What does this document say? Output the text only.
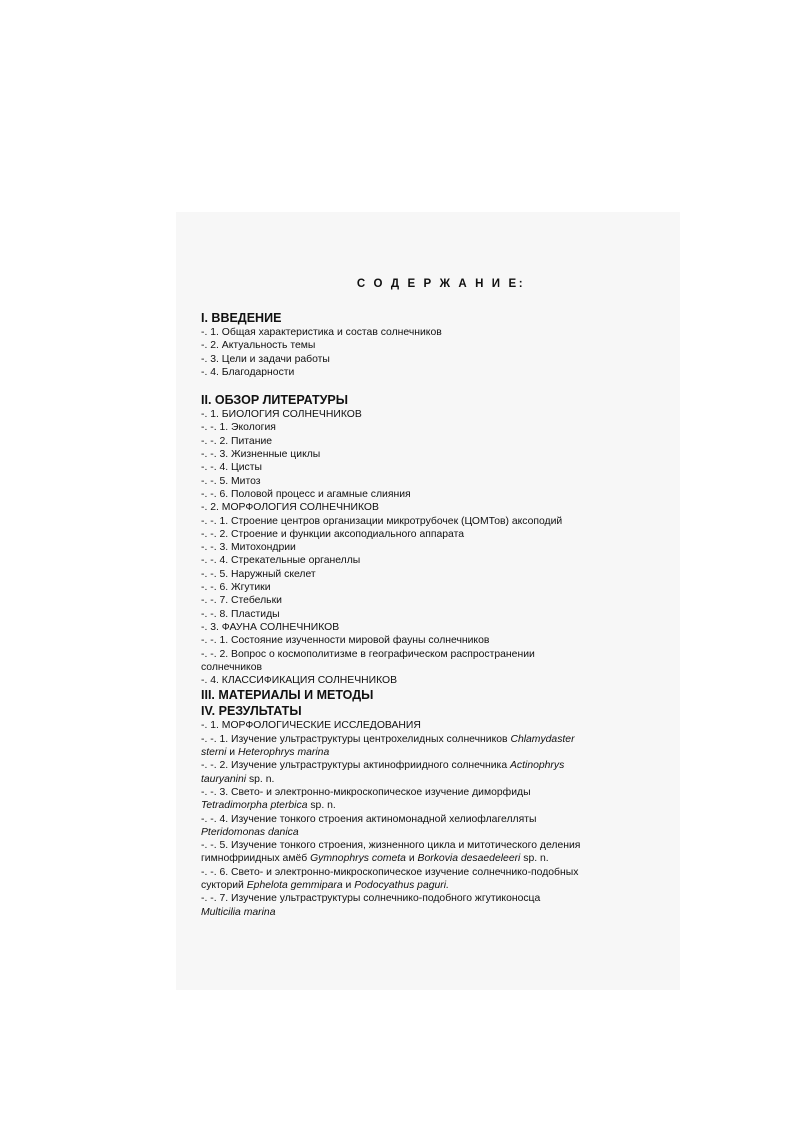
С О Д Е Р Ж А Н И Е:
I. ВВЕДЕНИЕ
-. 1. Общая характеристика и состав солнечников
-. 2. Актуальность темы
-. 3. Цели и задачи работы
-. 4. Благодарности
II. ОБЗОР ЛИТЕРАТУРЫ
-. 1. БИОЛОГИЯ СОЛНЕЧНИКОВ
-. -. 1. Экология
-. -. 2. Питание
-. -. 3. Жизненные циклы
-. -. 4. Цисты
-. -. 5. Митоз
-. -. 6. Половой процесс и агамные слияния
-. 2. МОРФОЛОГИЯ СОЛНЕЧНИКОВ
-. -. 1. Строение центров организации микротрубочек (ЦОМТов) аксоподий
-. -. 2. Строение и функции аксоподиального аппарата
-. -. 3. Митохондрии
-. -. 4. Стрекательные органеллы
-. -. 5. Наружный скелет
-. -. 6. Жгутики
-. -. 7. Стебельки
-. -. 8. Пластиды
-. 3. ФАУНА СОЛНЕЧНИКОВ
-. -. 1. Состояние изученности мировой фауны солнечников
-. -. 2. Вопрос о космополитизме в географическом распространении
солнечников
-. 4. КЛАССИФИКАЦИЯ СОЛНЕЧНИКОВ
III. МАТЕРИАЛЫ И МЕТОДЫ
IV. РЕЗУЛЬТАТЫ
-. 1. МОРФОЛОГИЧЕСКИЕ ИССЛЕДОВАНИЯ
-. -. 1. Изучение ультраструктуры центрохелидных солнечников Chlamydaster
sterni и Heterophrys marina
-. -. 2. Изучение ультраструктуры актинофриидного солнечника Actinophrys
tauryanini sp. n.
-. -. 3. Свето- и электронно-микроскопическое изучение диморфиды
Tetradimorpha pterbica sp. n.
-. -. 4. Изучение тонкого строения актиномонадной хелиофлагелляты
Pteridomonas danica
-. -. 5. Изучение тонкого строения, жизненного цикла и митотического деления
гимнофриидных амёб Gymnophrys cometa и Borkovia desaedeleeri sp. n.
-. -. 6. Свето- и электронно-микроскопическое изучение солнечнико-подобных
сукторий Ephelota gemmipara и Podocyathus paguri.
-. -. 7. Изучение ультраструктуры солнечнико-подобного жгутиконосца
Multicilia marina
